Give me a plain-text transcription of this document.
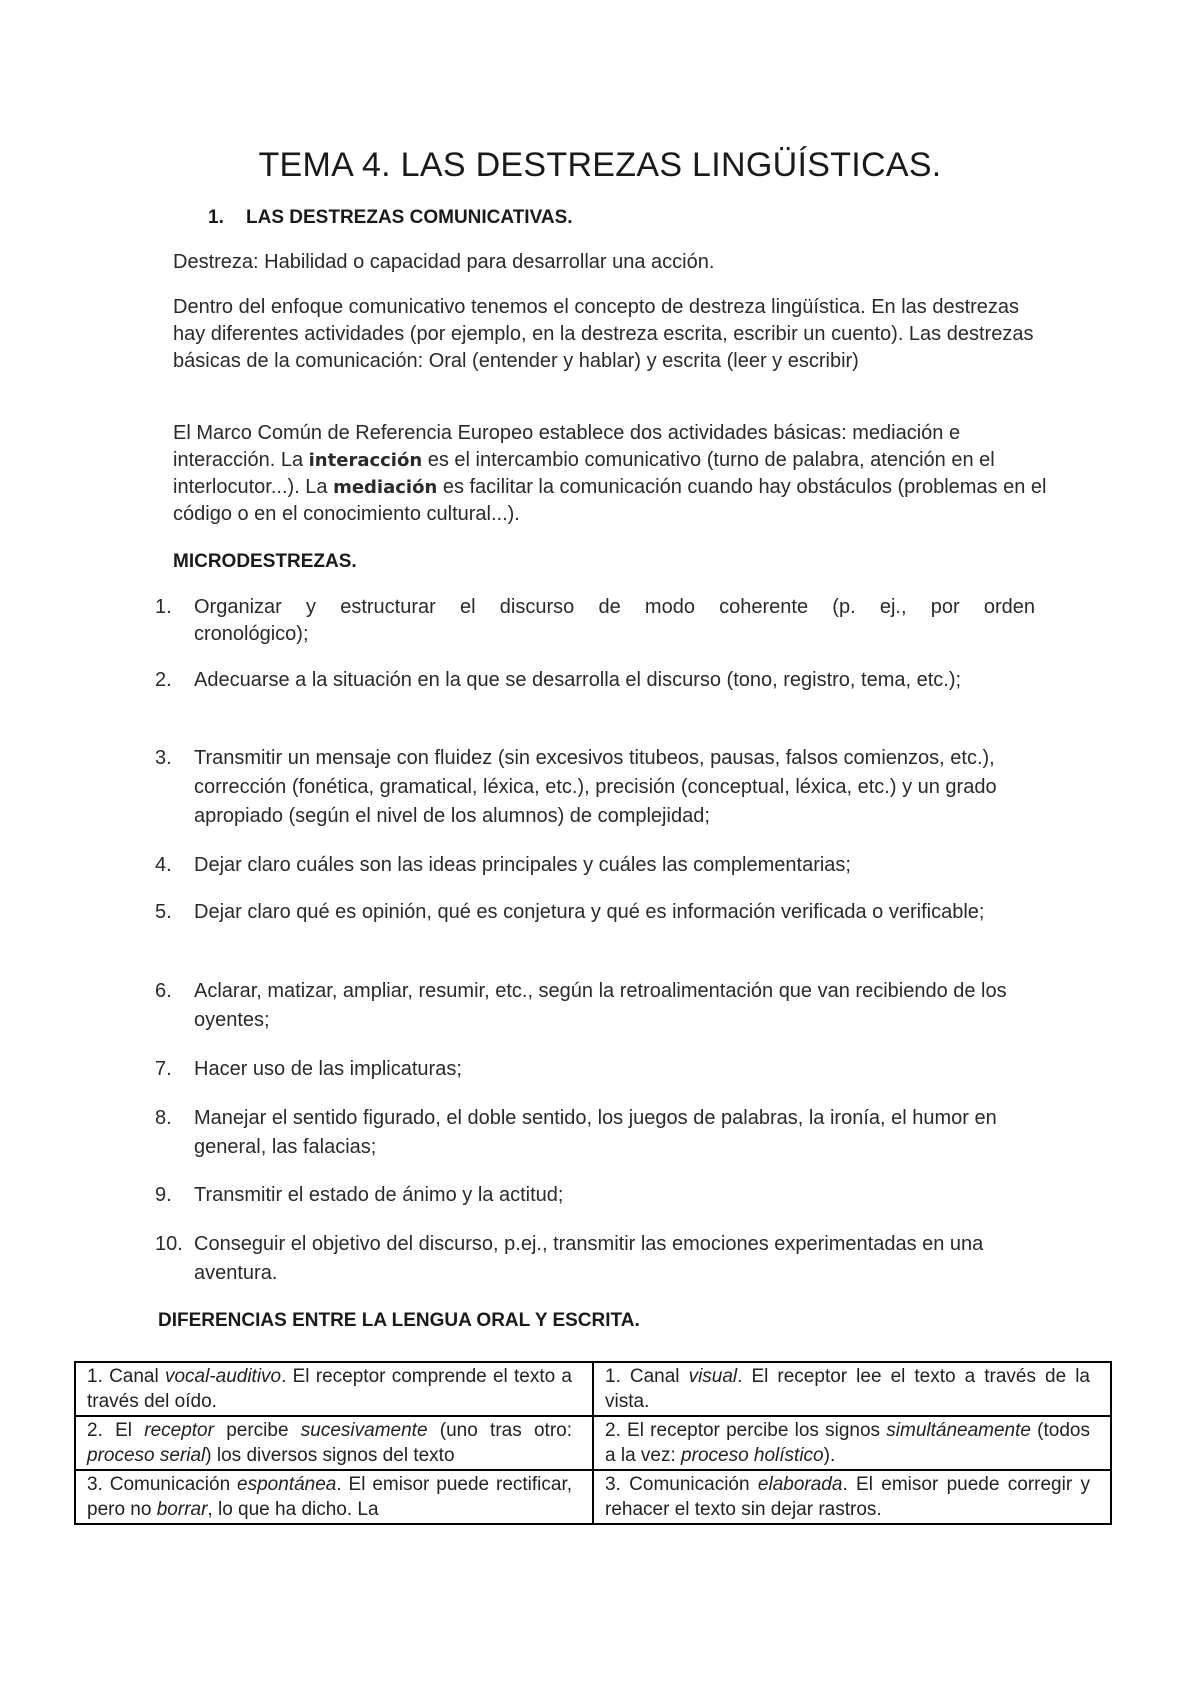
TEMA 4. LAS DESTREZAS LINGÜÍSTICAS.
1. LAS DESTREZAS COMUNICATIVAS.
Destreza: Habilidad o capacidad para desarrollar una acción.
Dentro del enfoque comunicativo tenemos el concepto de destreza lingüística. En las destrezas hay diferentes actividades (por ejemplo, en la destreza escrita, escribir un cuento). Las destrezas básicas de la comunicación: Oral (entender y hablar) y escrita (leer y escribir)
El Marco Común de Referencia Europeo establece dos actividades básicas: mediación e interacción. La interacción es el intercambio comunicativo (turno de palabra, atención en el interlocutor...). La mediación es facilitar la comunicación cuando hay obstáculos (problemas en el código o en el conocimiento cultural...).
MICRODESTREZAS.
1.	Organizar y estructurar el discurso de modo coherente (p. ej., por orden
cronológico);
2.	Adecuarse a la situación en la que se desarrolla el discurso (tono, registro, tema, etc.);
3.	Transmitir un mensaje con fluidez (sin excesivos titubeos, pausas, falsos comienzos, etc.), corrección (fonética, gramatical, léxica, etc.), precisión (conceptual, léxica, etc.) y un grado apropiado (según el nivel de los alumnos) de complejidad;
4.	Dejar claro cuáles son las ideas principales y cuáles las complementarias;
5.	Dejar claro qué es opinión, qué es conjetura y qué es información verificada o verificable;
6.	Aclarar, matizar, ampliar, resumir, etc., según la retroalimentación que van recibiendo de los oyentes;
7.	Hacer uso de las implicaturas;
8.	Manejar el sentido figurado, el doble sentido, los juegos de palabras, la ironía, el humor en general, las falacias;
9.	Transmitir el estado de ánimo y la actitud;
10. Conseguir el objetivo del discurso, p.ej., transmitir las emociones experimentadas en una aventura.
DIFERENCIAS ENTRE LA LENGUA ORAL Y ESCRITA.
1. Canal vocal-auditivo. El receptor comprende el texto a través del oído.	1. Canal visual. El receptor lee el texto a través de la vista.
2. El receptor percibe sucesivamente (uno tras otro: proceso serial) los diversos signos del texto	2. El receptor percibe los signos simultáneamente (todos a la vez: proceso holístico).
3. Comunicación espontánea. El emisor puede rectificar, pero no borrar, lo que ha dicho. La	3. Comunicación elaborada. El emisor puede corregir y rehacer el texto sin dejar rastros.
